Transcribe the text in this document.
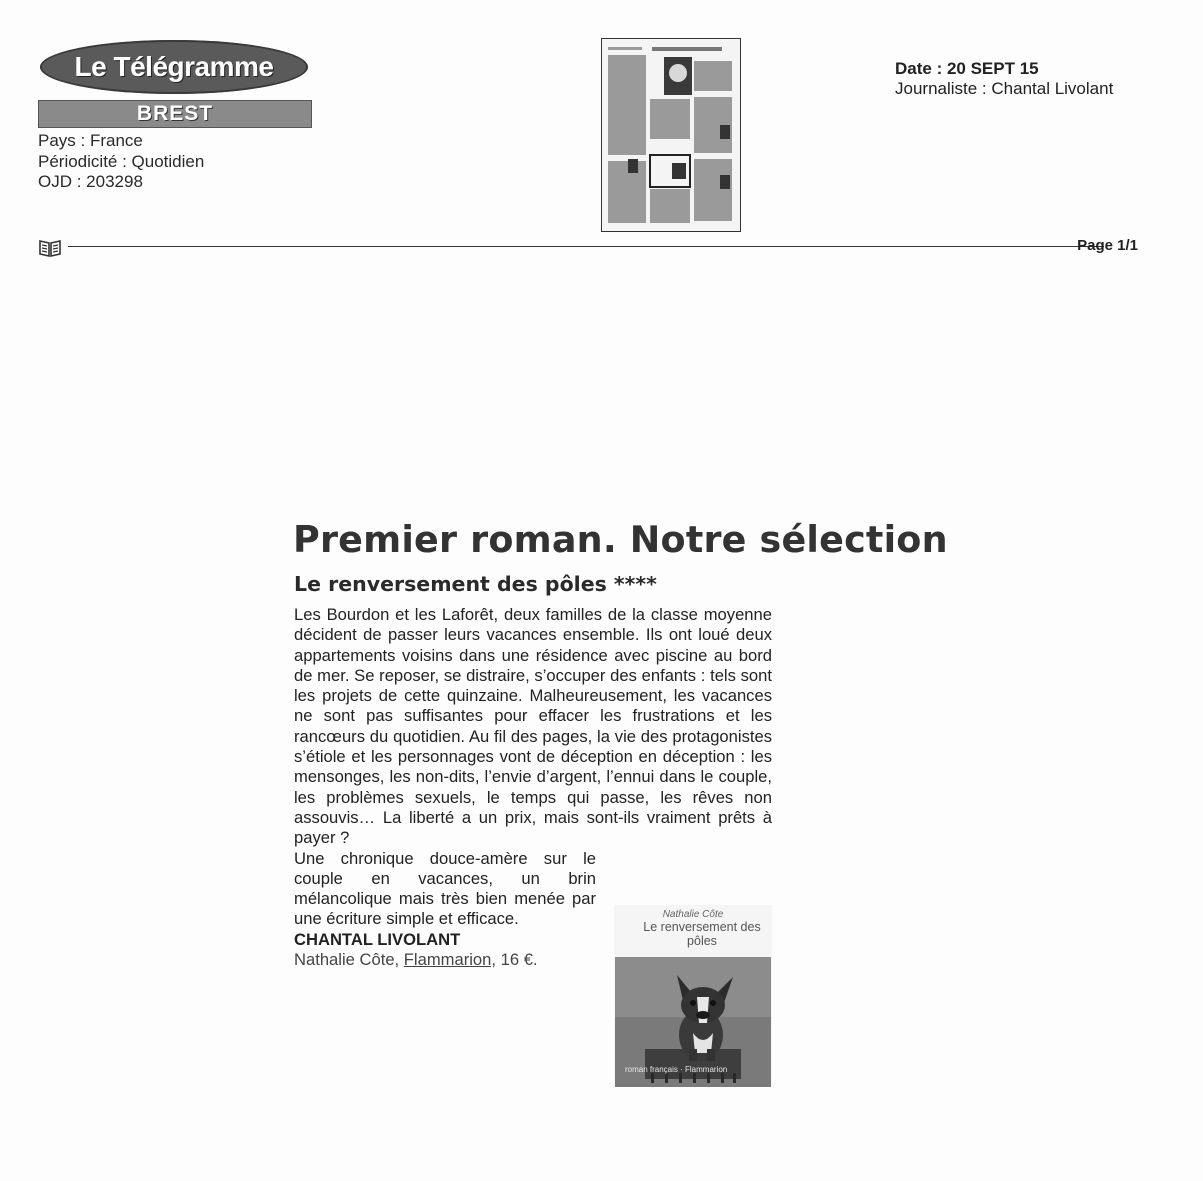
Le Télégramme
BREST
Pays : France
Périodicité : Quotidien
OJD : 203298
Date : 20 SEPT 15
Journaliste : Chantal Livolant
Page 1/1
Premier roman. Notre sélection
Le renversement des pôles ****

Les Bourdon et les Laforêt, deux familles de la classe moyenne décident de passer leurs vacances ensemble. Ils ont loué deux appartements voisins dans une résidence avec piscine au bord de mer. Se reposer, se distraire, s’occuper des enfants : tels sont les projets de cette quinzaine. Malheureusement, les vacances ne sont pas suffisantes pour effacer les frustrations et les rancœurs du quotidien. Au fil des pages, la vie des protagonistes s’étiole et les personnages vont de déception en déception : les mensonges, les non-dits, l’envie d’argent, l’ennui dans le couple, les problèmes sexuels, le temps qui passe, les rêves non assouvis… La liberté a un prix, mais sont-ils vraiment prêts à payer ?

Nathalie Côte
Le renversement des pôles
roman français · Flammarion

Une chronique douce-amère sur le couple en vacances, un brin mélancolique mais très bien menée par une écriture simple et efficace.

CHANTAL LIVOLANT

Nathalie Côte, Flammarion, 16 €.
